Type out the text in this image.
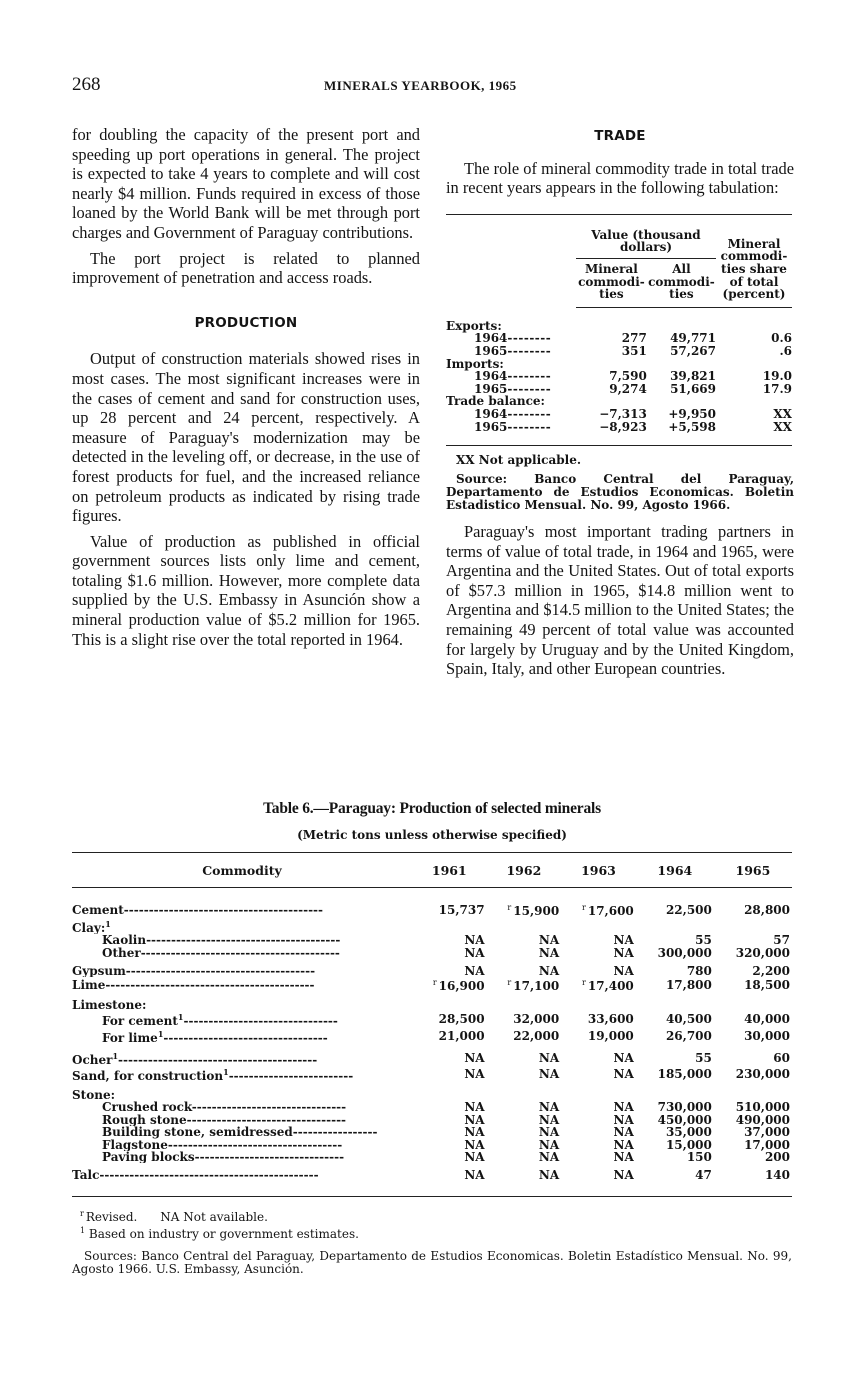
268	MINERALS YEARBOOK, 1965

for doubling the capacity of the present port and speeding up port operations in general. The project is expected to take 4 years to complete and will cost nearly $4 million. Funds required in excess of those loaned by the World Bank will be met through port charges and Government of Paraguay contributions.

The port project is related to planned improvement of penetration and access roads.

PRODUCTION

Output of construction materials showed rises in most cases. The most significant increases were in the cases of cement and sand for construction uses, up 28 percent and 24 percent, respectively. A measure of Paraguay's modernization may be detected in the leveling off, or decrease, in the use of forest products for fuel, and the increased reliance on petroleum products as indicated by rising trade figures.

Value of production as published in official government sources lists only lime and cement, totaling $1.6 million. However, more complete data supplied by the U.S. Embassy in Asunción show a mineral production value of $5.2 million for 1965. This is a slight rise over the total reported in 1964.

TRADE

The role of mineral commodity trade in total trade in recent years appears in the following tabulation:

	Value (thousand dollars)		Mineral commodi- ties share of total (percent)
	Mineral commodi- ties	All commodi- ties	

Exports:			
1964--------	277	49,771	0.6
1965--------	351	57,267	.6
Imports:			
1964--------	7,590	39,821	19.0
1965--------	9,274	51,669	17.9
Trade balance:			
1964--------	−7,313	+9,950	XX
1965--------	−8,923	+5,598	XX

XX Not applicable.

Source: Banco Central del Paraguay, Departamento de Estudios Economicas. Boletin Estadistico Mensual. No. 99, Agosto 1966.

Paraguay's most important trading partners in terms of value of total trade, in 1964 and 1965, were Argentina and the United States. Out of total exports of $57.3 million in 1965, $14.8 million went to Argentina and $14.5 million to the United States; the remaining 49 percent of total value was accounted for largely by Uruguay and by the United Kingdom, Spain, Italy, and other European countries.

Table 6.—Paraguay: Production of selected minerals
(Metric tons unless otherwise specified)
Commodity	1961	1962	1963	1964	1965
Cement----------------------------------------	15,737	$^r$ 15,900	$^r$ 17,600	22,500	28,800
Clay:$^1$					
Kaolin---------------------------------------	NA	NA	NA	55	57
Other----------------------------------------	NA	NA	NA	300,000	320,000
Gypsum--------------------------------------	NA	NA	NA	780	2,200
Lime------------------------------------------	$^r$ 16,900	$^r$ 17,100	$^r$ 17,400	17,800	18,500
Limestone:					
For cement$^1$-------------------------------	28,500	32,000	33,600	40,500	40,000
For lime$^1$---------------------------------	21,000	22,000	19,000	26,700	30,000
Ocher$^1$----------------------------------------	NA	NA	NA	55	60
Sand, for construction$^1$-------------------------	NA	NA	NA	185,000	230,000
Stone:					
Crushed rock-------------------------------	NA	NA	NA	730,000	510,000
Rough stone--------------------------------	NA	NA	NA	450,000	490,000
Building stone, semidressed-----------------	NA	NA	NA	35,000	37,000
Flagstone-----------------------------------	NA	NA	NA	15,000	17,000
Paving blocks------------------------------	NA	NA	NA	150	200
Talc--------------------------------------------	NA	NA	NA	47	140

$^r$ Revised. NA Not available.

$^1$ Based on industry or government estimates.

Sources: Banco Central del Paraguay, Departamento de Estudios Economicas. Boletin Estadístico Mensual. No. 99, Agosto 1966. U.S. Embassy, Asunción.
